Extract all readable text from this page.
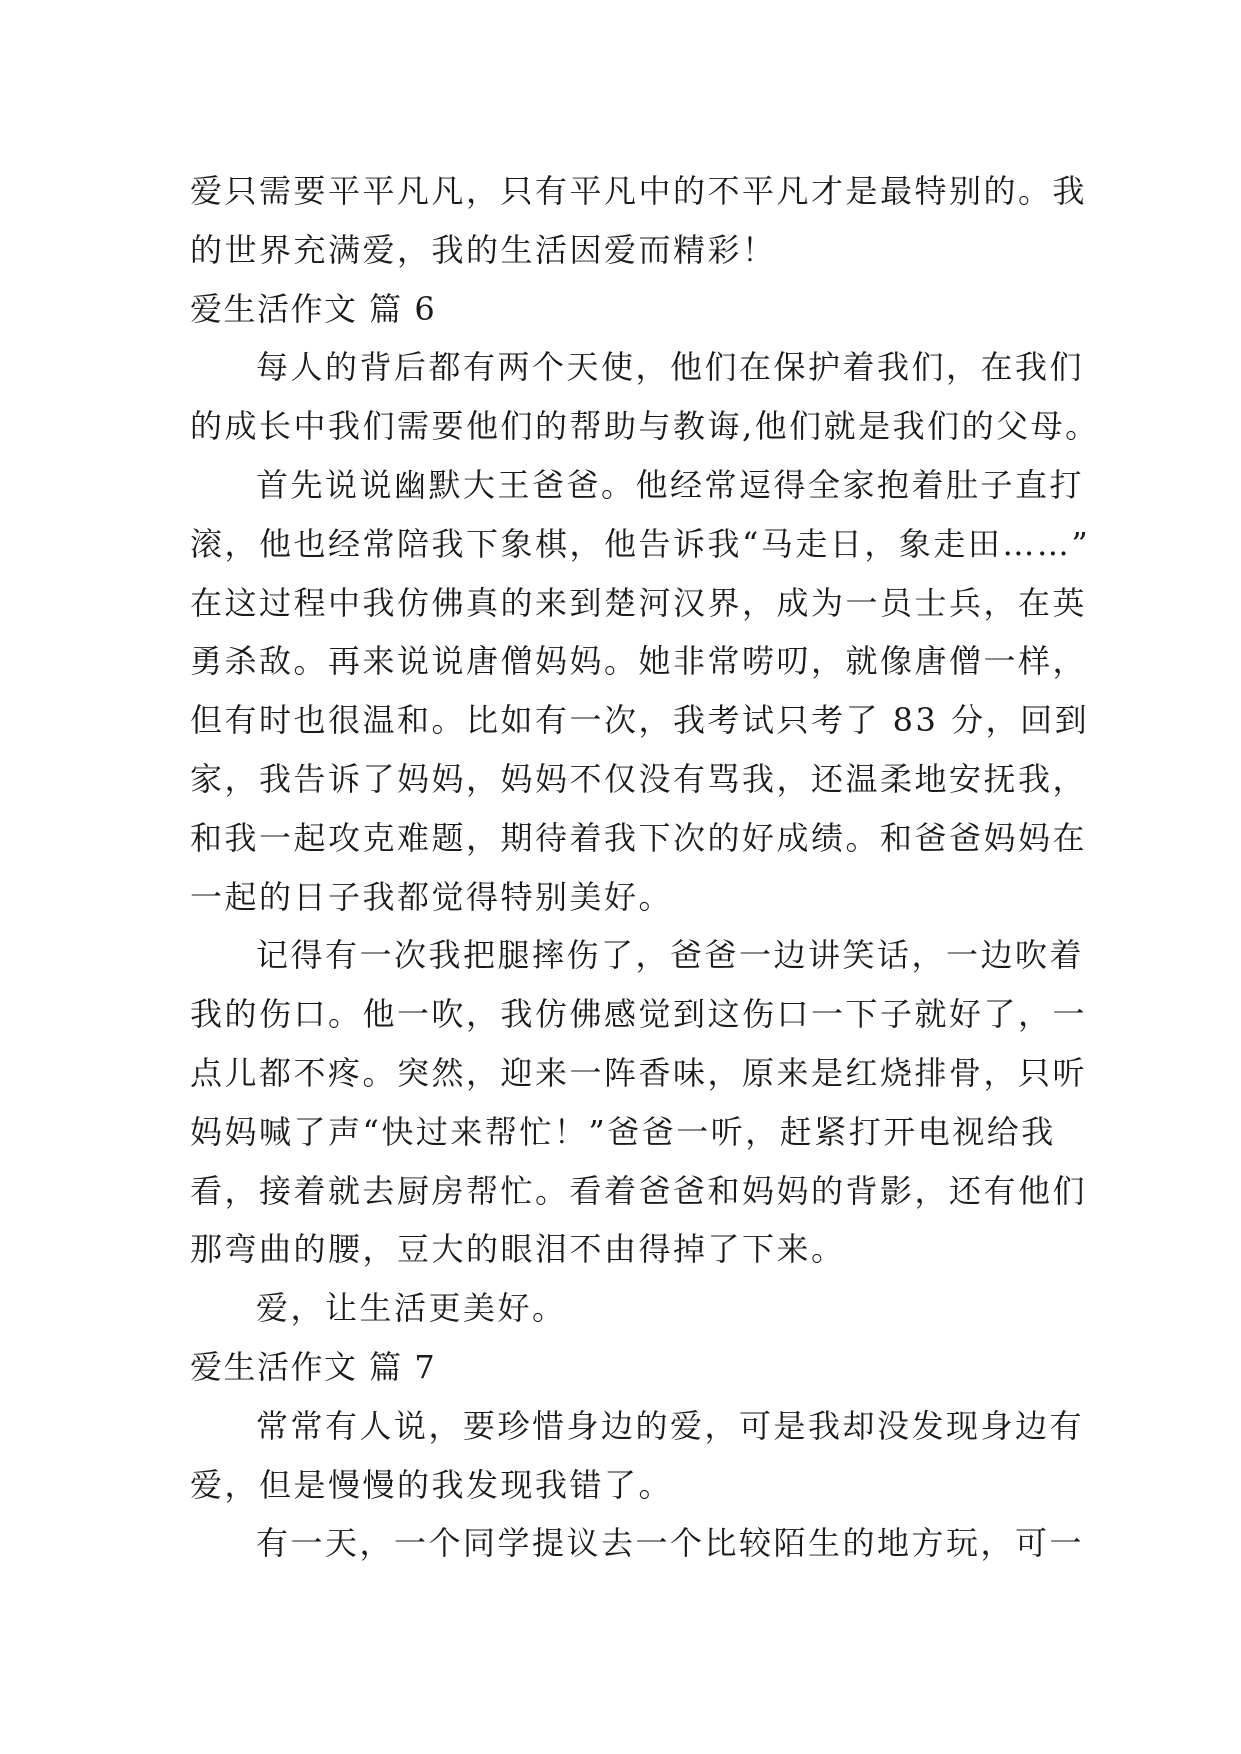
爱只需要平平凡凡，只有平凡中的不平凡才是最特别的。我
的世界充满爱，我的生活因爱而精彩！
爱生活作文 篇 6
每人的背后都有两个天使，他们在保护着我们，在我们
的成长中我们需要他们的帮助与教诲,他们就是我们的父母。
首先说说幽默大王爸爸。他经常逗得全家抱着肚子直打
滚，他也经常陪我下象棋，他告诉我“马走日，象走田……”
在这过程中我仿佛真的来到楚河汉界，成为一员士兵，在英
勇杀敌。再来说说唐僧妈妈。她非常唠叨，就像唐僧一样，
但有时也很温和。比如有一次，我考试只考了 83 分，回到
家，我告诉了妈妈，妈妈不仅没有骂我，还温柔地安抚我，
和我一起攻克难题，期待着我下次的好成绩。和爸爸妈妈在
一起的日子我都觉得特别美好。
记得有一次我把腿摔伤了，爸爸一边讲笑话，一边吹着
我的伤口。他一吹，我仿佛感觉到这伤口一下子就好了，一
点儿都不疼。突然，迎来一阵香味，原来是红烧排骨，只听
妈妈喊了声“快过来帮忙！”爸爸一听，赶紧打开电视给我
看，接着就去厨房帮忙。看着爸爸和妈妈的背影，还有他们
那弯曲的腰，豆大的眼泪不由得掉了下来。
爱，让生活更美好。
爱生活作文 篇 7
常常有人说，要珍惜身边的爱，可是我却没发现身边有
爱，但是慢慢的我发现我错了。
有一天，一个同学提议去一个比较陌生的地方玩，可一
